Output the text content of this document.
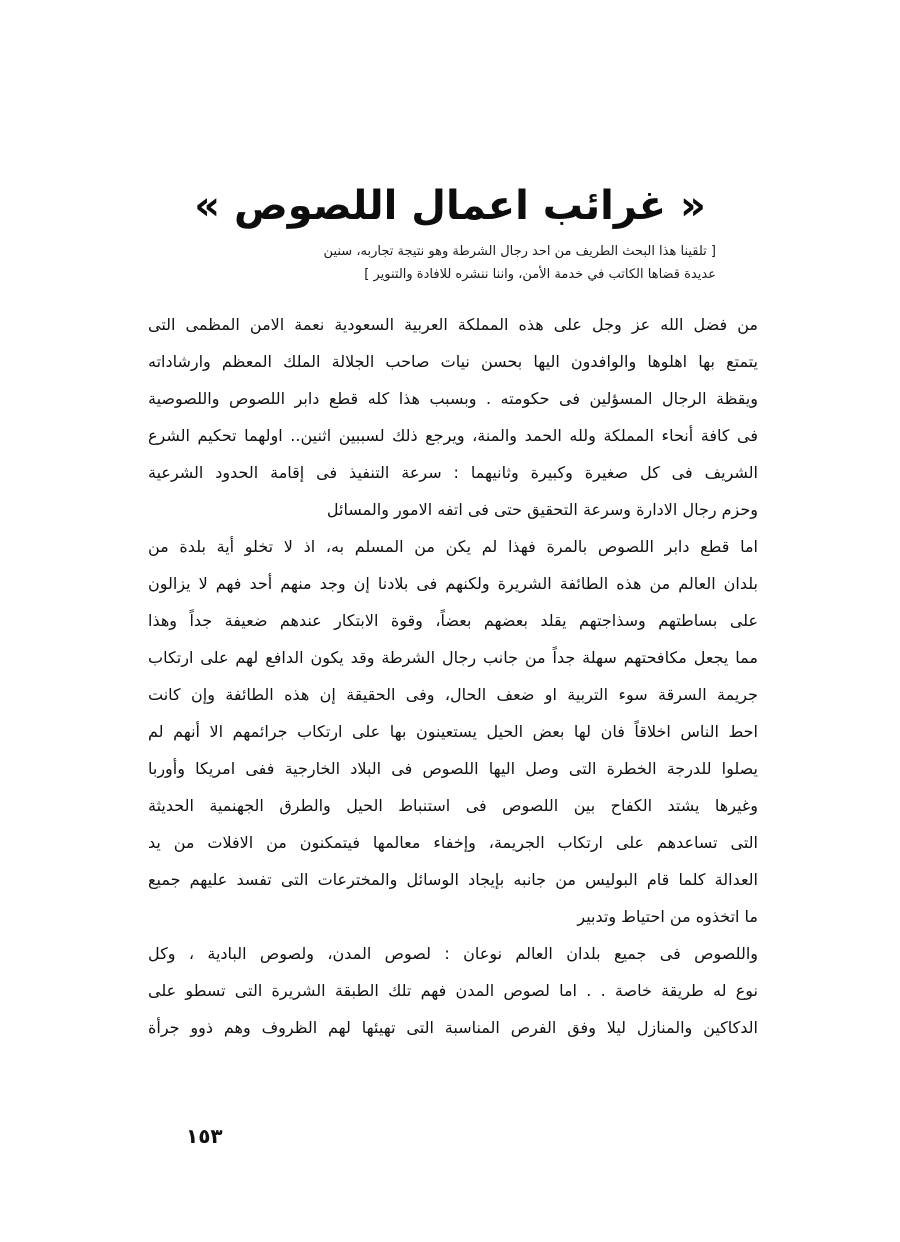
« غرائب اعمال اللصوص »
[ تلقينا هذا البحث الطريف من احد رجال الشرطة وهو نتيجة تجاربه، سنين
عديدة قضاها الكاتب في خدمة الأمن، واننا ننشره للافادة والتنوير ]
من فضل الله عز وجل على هذه المملكة العربية السعودية نعمة الامن المظمى التى
يتمتع بها اهلوها والوافدون اليها بحسن نيات صاحب الجلالة الملك المعظم وارشاداته
ويقظة الرجال المسؤلين فى حكومته . وبسبب هذا كله قطع دابر اللصوص واللصوصية
فى كافة أنحاء المملكة ولله الحمد والمنة، ويرجع ذلك لسببين اثنين.. اولهما تحكيم الشرع
الشريف فى كل صغيرة وكبيرة وثانيهما : سرعة التنفيذ فى إقامة الحدود الشرعية
وحزم رجال الادارة وسرعة التحقيق حتى فى اتفه الامور والمسائل
اما قطع دابر اللصوص بالمرة فهذا لم يكن من المسلم به، اذ لا تخلو أية بلدة من
بلدان العالم من هذه الطائفة الشريرة ولكنهم فى بلادنا إن وجد منهم أحد فهم لا يزالون
على بساطتهم وسذاجتهم يقلد بعضهم بعضاً، وقوة الابتكار عندهم ضعيفة جداً وهذا
مما يجعل مكافحتهم سهلة جداً من جانب رجال الشرطة وقد يكون الدافع لهم على ارتكاب
جريمة السرقة سوء التربية او ضعف الحال، وفى الحقيقة إن هذه الطائفة وإن كانت
احط الناس اخلاقاً فان لها بعض الحيل يستعينون بها على ارتكاب جرائمهم الا أنهم لم
يصلوا للدرجة الخطرة التى وصل اليها اللصوص فى البلاد الخارجية ففى امريكا وأوربا
وغيرها يشتد الكفاح بين اللصوص فى استنباط الحيل والطرق الجهنمية الحديثة
التى تساعدهم على ارتكاب الجريمة، وإخفاء معالمها فيتمكنون من الافلات من يد
العدالة كلما قام البوليس من جانبه بإيجاد الوسائل والمخترعات التى تفسد عليهم جميع
ما اتخذوه من احتياط وتدبير
واللصوص فى جميع بلدان العالم نوعان : لصوص المدن، ولصوص البادية ، وكل
نوع له طريقة خاصة . . اما لصوص المدن فهم تلك الطبقة الشريرة التى تسطو على
الدكاكين والمنازل ليلا وفق الفرص المناسبة التى تهيئها لهم الظروف وهم ذوو جرأة
١٥٣
